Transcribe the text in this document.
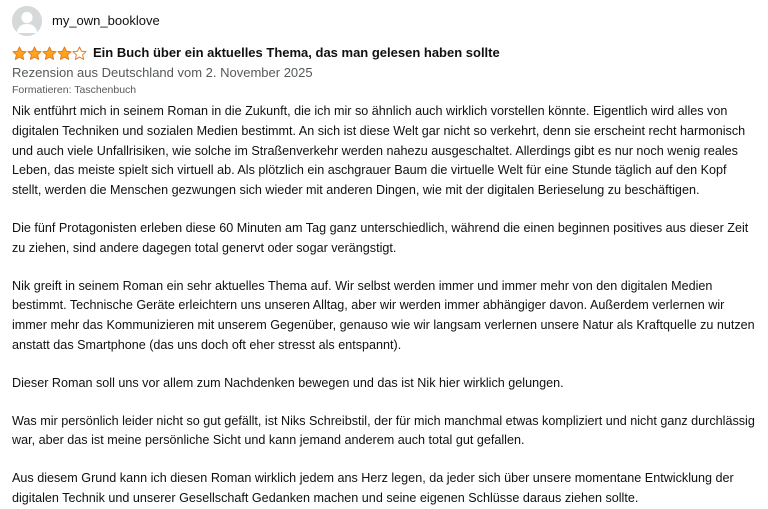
my_own_booklove
Ein Buch über ein aktuelles Thema, das man gelesen haben sollte
Rezension aus Deutschland vom 2. November 2025
Formatieren: Taschenbuch

Nik entführt mich in seinem Roman in die Zukunft, die ich mir so ähnlich auch wirklich vorstellen könnte. Eigentlich wird alles von digitalen Techniken und sozialen Medien bestimmt. An sich ist diese Welt gar nicht so verkehrt, denn sie erscheint recht harmonisch und auch viele Unfallrisiken, wie solche im Straßenverkehr werden nahezu ausgeschaltet. Allerdings gibt es nur noch wenig reales Leben, das meiste spielt sich virtuell ab. Als plötzlich ein aschgrauer Baum die virtuelle Welt für eine Stunde täglich auf den Kopf stellt, werden die Menschen gezwungen sich wieder mit anderen Dingen, wie mit der digitalen Berieselung zu beschäftigen.

Die fünf Protagonisten erleben diese 60 Minuten am Tag ganz unterschiedlich, während die einen beginnen positives aus dieser Zeit zu ziehen, sind andere dagegen total genervt oder sogar verängstigt.

Nik greift in seinem Roman ein sehr aktuelles Thema auf. Wir selbst werden immer und immer mehr von den digitalen Medien bestimmt. Technische Geräte erleichtern uns unseren Alltag, aber wir werden immer abhängiger davon. Außerdem verlernen wir immer mehr das Kommunizieren mit unserem Gegenüber, genauso wie wir langsam verlernen unsere Natur als Kraftquelle zu nutzen anstatt das Smartphone (das uns doch oft eher stresst als entspannt).

Dieser Roman soll uns vor allem zum Nachdenken bewegen und das ist Nik hier wirklich gelungen.

Was mir persönlich leider nicht so gut gefällt, ist Niks Schreibstil, der für mich manchmal etwas kompliziert und nicht ganz durchlässig war, aber das ist meine persönliche Sicht und kann jemand anderem auch total gut gefallen.

Aus diesem Grund kann ich diesen Roman wirklich jedem ans Herz legen, da jeder sich über unsere momentane Entwicklung der digitalen Technik und unserer Gesellschaft Gedanken machen und seine eigenen Schlüsse daraus ziehen sollte.
